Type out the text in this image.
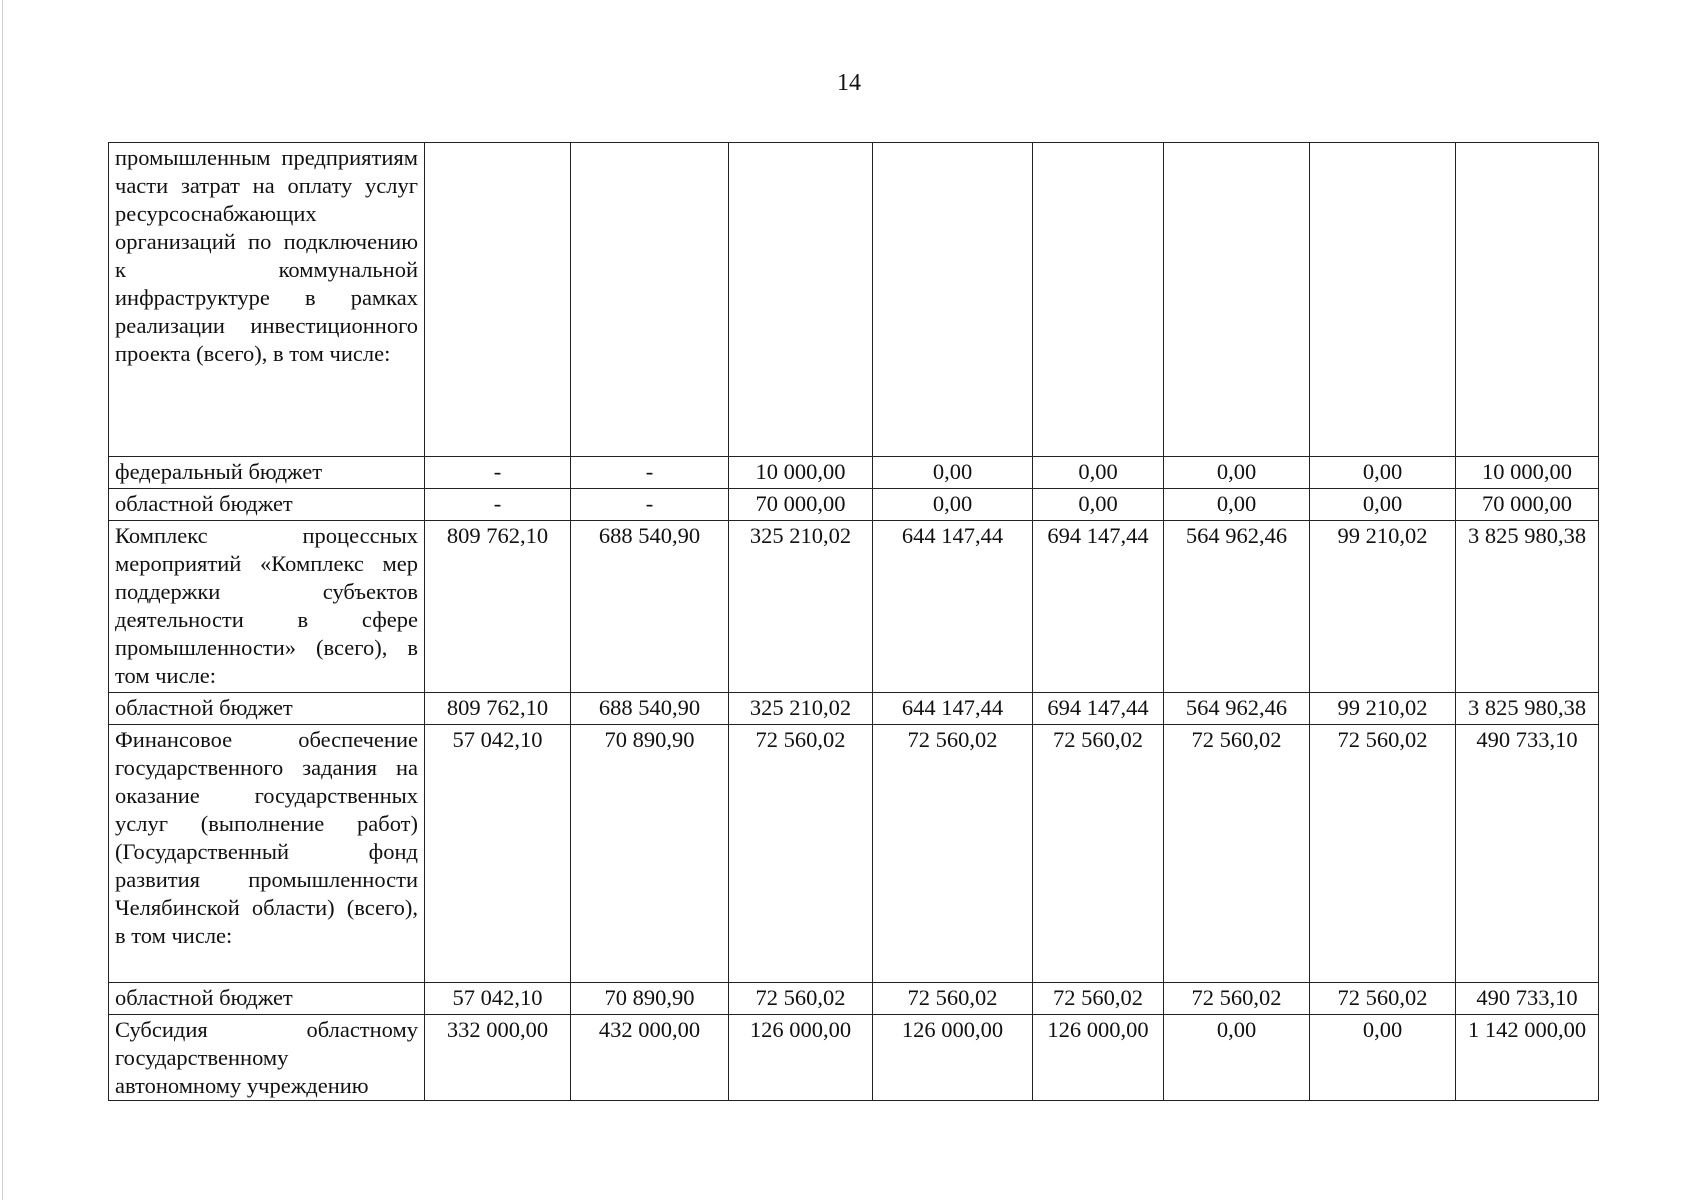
14
промышленным предприятиям части затрат на оплату услуг ресурсоснабжающих организаций по подключению к коммунальной инфраструктуре в рамках реализации инвестиционного проекта (всего), в том числе:								
федеральный бюджет	-	-	10 000,00	0,00	0,00	0,00	0,00	10 000,00
областной бюджет	-	-	70 000,00	0,00	0,00	0,00	0,00	70 000,00
Комплекс процессных мероприятий «Комплекс мер поддержки субъектов деятельности в сфере промышленности» (всего), в том числе:	809 762,10	688 540,90	325 210,02	644 147,44	694 147,44	564 962,46	99 210,02	3 825 980,38
областной бюджет	809 762,10	688 540,90	325 210,02	644 147,44	694 147,44	564 962,46	99 210,02	3 825 980,38
Финансовое обеспечение государственного задания на оказание государственных услуг (выполнение работ) (Государственный фонд развития промышленности Челябинской области) (всего), в том числе:	57 042,10	70 890,90	72 560,02	72 560,02	72 560,02	72 560,02	72 560,02	490 733,10
областной бюджет	57 042,10	70 890,90	72 560,02	72 560,02	72 560,02	72 560,02	72 560,02	490 733,10
Субсидия областному государственному автономному учреждению	332 000,00	432 000,00	126 000,00	126 000,00	126 000,00	0,00	0,00	1 142 000,00
